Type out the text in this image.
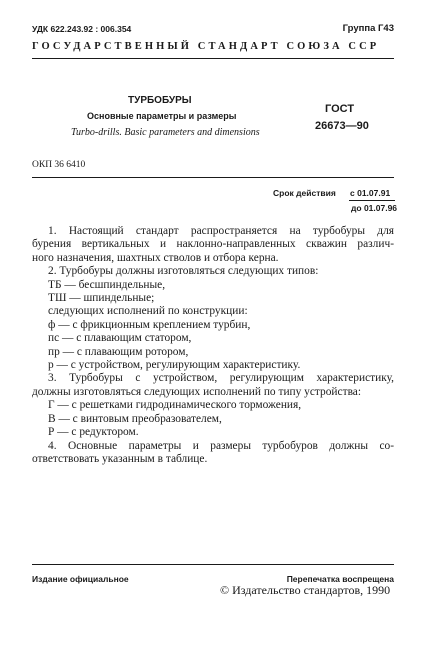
УДК 622.243.92 : 006.354	Группа Г43
ГОСУДАРСТВЕННЫЙ СТАНДАРТ СОЮЗА ССР
ТУРБОБУРЫ
Основные параметры и размеры
Turbo-drills. Basic parameters and dimensions
ГОСТ
26673—90
ОКП 36 6410
Срок действия с 01.07.91
до 01.07.96
1. Настоящий стандарт распространяется на турбобуры для
бурения вертикальных и наклонно-направленных скважин различ-
ного назначения, шахтных стволов и отбора керна.
2. Турбобуры должны изготовляться следующих типов:
ТБ — бесшпиндельные,
ТШ — шпиндельные;
следующих исполнений по конструкции:
ф — с фрикционным креплением турбин,
пс — с плавающим статором,
пр — с плавающим ротором,
р — с устройством, регулирующим характеристику.
3. Турбобуры с устройством, регулирующим характеристику,
должны изготовляться следующих исполнений по типу устройства:
Г — с решетками гидродинамического торможения,
В — с винтовым преобразователем,
Р — с редуктором.
4. Основные параметры и размеры турбобуров должны со-
ответствовать указанным в таблице.
Издание официальное	Перепечатка воспрещена
© Издательство стандартов, 1990
